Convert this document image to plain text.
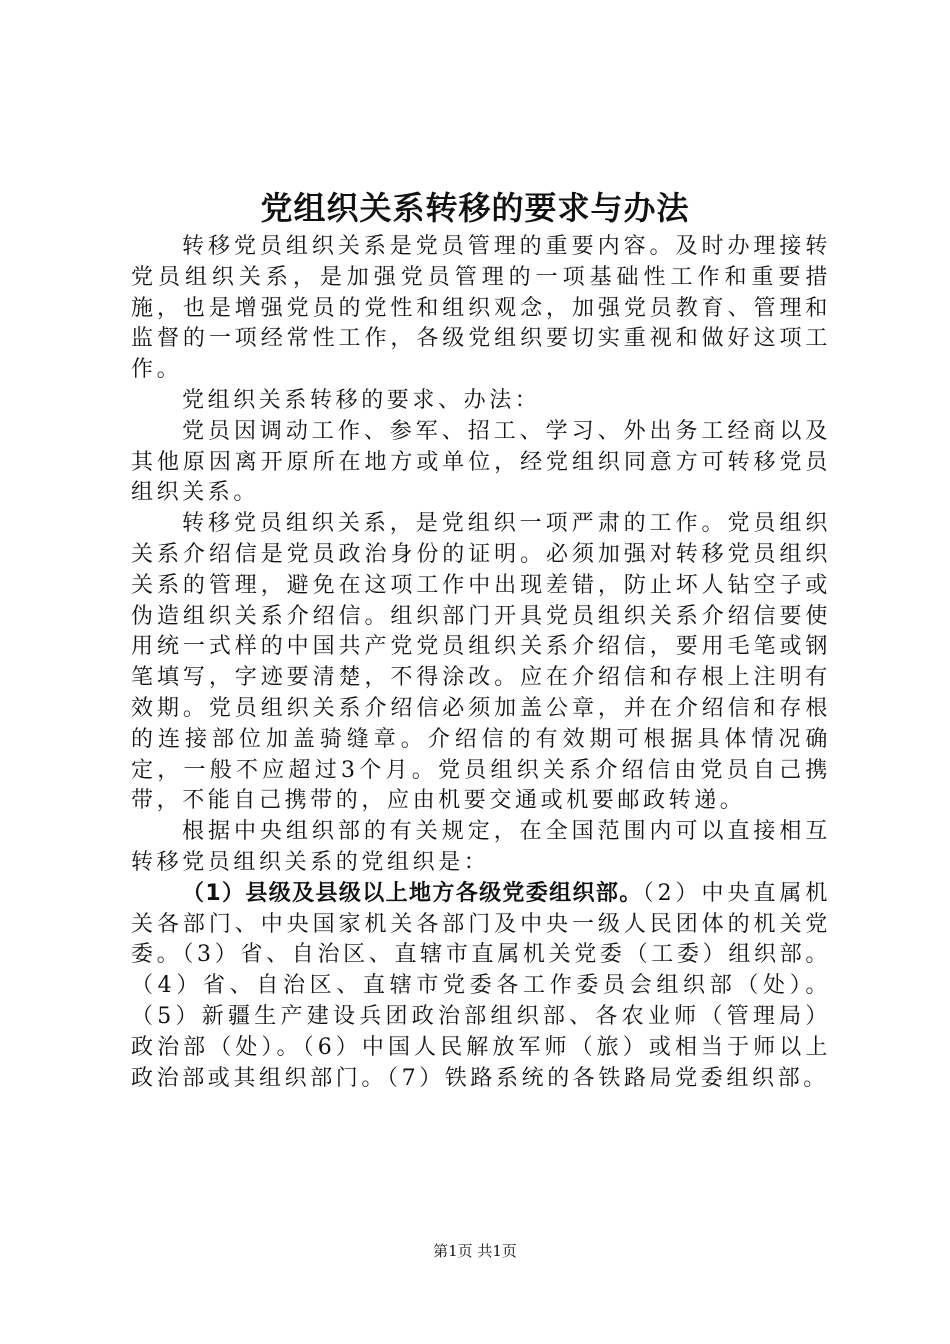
党组织关系转移的要求与办法

转移党员组织关系是党员管理的重要内容。及时办理接转党员组织关系，是加强党员管理的一项基础性工作和重要措施，也是增强党员的党性和组织观念，加强党员教育、管理和监督的一项经常性工作，各级党组织要切实重视和做好这项工作。

党组织关系转移的要求、办法：

党员因调动工作、参军、招工、学习、外出务工经商以及其他原因离开原所在地方或单位，经党组织同意方可转移党员组织关系。

转移党员组织关系，是党组织一项严肃的工作。党员组织关系介绍信是党员政治身份的证明。必须加强对转移党员组织关系的管理，避免在这项工作中出现差错，防止坏人钻空子或伪造组织关系介绍信。组织部门开具党员组织关系介绍信要使用统一式样的中国共产党党员组织关系介绍信，要用毛笔或钢笔填写，字迹要清楚，不得涂改。应在介绍信和存根上注明有效期。党员组织关系介绍信必须加盖公章，并在介绍信和存根的连接部位加盖骑缝章。介绍信的有效期可根据具体情况确定，一般不应超过3个月。党员组织关系介绍信由党员自己携带，不能自己携带的，应由机要交通或机要邮政转递。

根据中央组织部的有关规定，在全国范围内可以直接相互转移党员组织关系的党组织是：

（1）县级及县级以上地方各级党委组织部。（2）中央直属机关各部门、中央国家机关各部门及中央一级人民团体的机关党委。（3）省、自治区、直辖市直属机关党委（工委）组织部。（4）省、自治区、直辖市党委各工作委员会组织部（处）。（5）新疆生产建设兵团政治部组织部、各农业师（管理局）政治部（处）。（6）中国人民解放军师（旅）或相当于师以上政治部或其组织部门。（7）铁路系统的各铁路局党委组织部。

第1页 共1页
